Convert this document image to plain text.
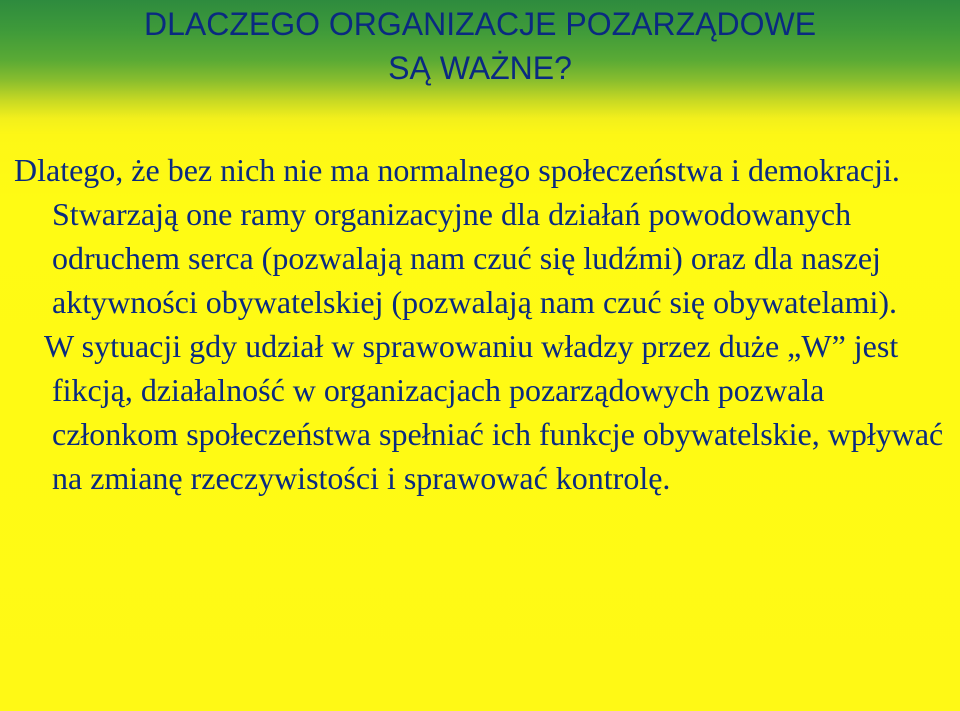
DLACZEGO ORGANIZACJE POZARZĄDOWE
SĄ WAŻNE?

Dlatego, że bez nich nie ma normalnego społeczeństwa i demokracji. Stwarzają one ramy organizacyjne dla działań powodowanych odruchem serca (pozwalają nam czuć się ludźmi) oraz dla naszej aktywności obywatelskiej (pozwalają nam czuć się obywatelami).

W sytuacji gdy udział w sprawowaniu władzy przez duże „W” jest fikcją, działalność w organizacjach pozarządowych pozwala członkom społeczeństwa spełniać ich funkcje obywatelskie, wpływać na zmianę rzeczywistości i sprawować kontrolę.
